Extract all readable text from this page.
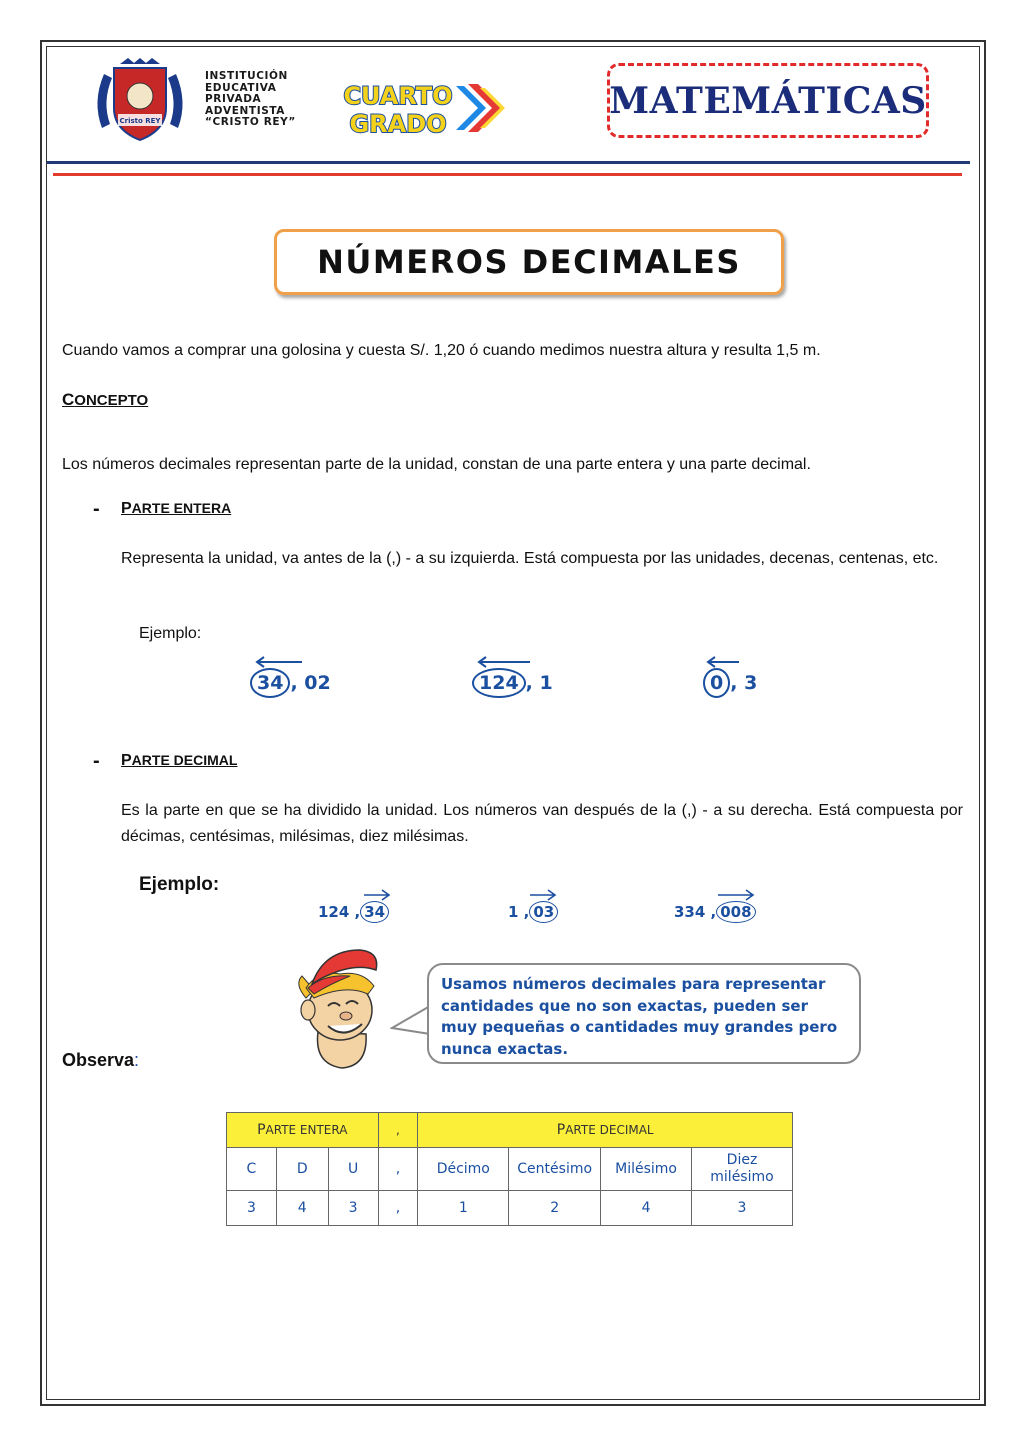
Cristo REY
INSTITUCIÓN
EDUCATIVA
PRIVADA
ADVENTISTA
“CRISTO REY”
CUARTO
GRADO
MATEMÁTICAS
NÚMEROS DECIMALES
Cuando vamos a comprar una golosina y cuesta S/. 1,20 ó cuando medimos nuestra altura y resulta 1,5 m.
CONCEPTO
Los números decimales representan parte de la unidad, constan de una parte entera y una parte decimal.
- PARTE ENTERA
Representa la unidad, va antes de la (,) - a su izquierda. Está compuesta por las unidades, decenas, centenas, etc.
Ejemplo:
34 , 02	124 , 1	0 , 3
- PARTE DECIMAL
Es la parte en que se ha dividido la unidad. Los números van después de la (,) - a su derecha. Está compuesta por décimas, centésimas, milésimas, diez milésimas.
Ejemplo:
124 , 34	1 , 03	334 , 008
Usamos números decimales para representar cantidades que no son exactas, pueden ser muy pequeñas o cantidades muy grandes pero nunca exactas.
Observa:
PARTE ENTERA			,	PARTE DECIMAL			
C	D	U	,	Décimo	Centésimo	Milésimo	Diez milésimo
3	4	3	,	1	2	4	3
